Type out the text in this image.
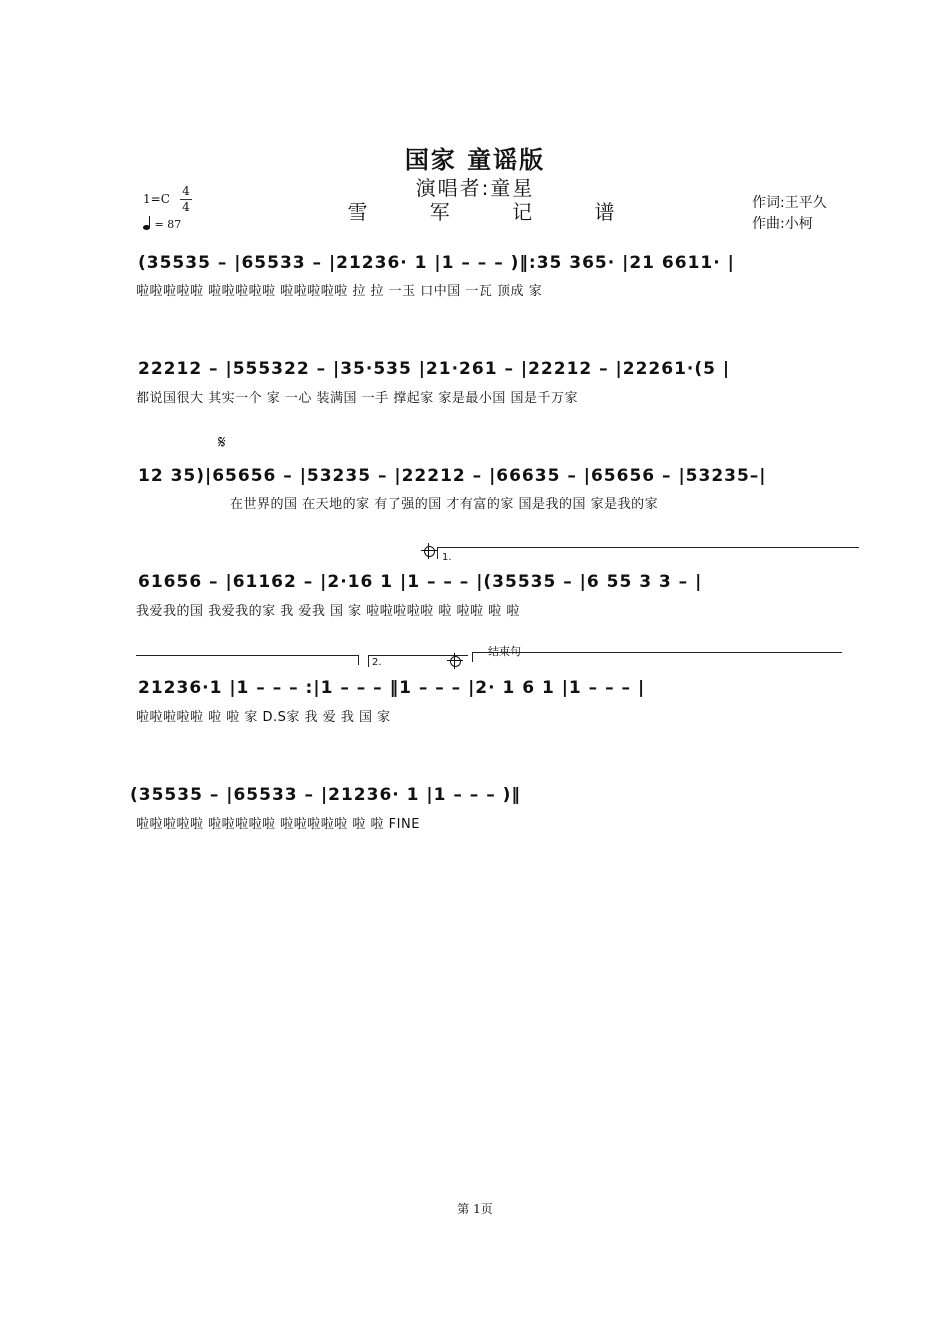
国家 童谣版
演唱者:童星
雪 军 记 谱
1=C
4
4
= 87
作词:王平久
作曲:小柯
(35535 – |65533 – |21236· 1 |1 – – – )‖:35 365· |21 6611· |
啦啦啦啦啦 啦啦啦啦啦 啦啦啦啦啦 拉 拉 一玉 口中国 一瓦 顶成 家
22212 – |555322 – |35·535 |21·261 – |22212 – |22261·(5 |
都说国很大 其实一个 家 一心 装满国 一手 撑起家 家是最小国 国是千万家
𝄋
12 35)|65656 – |53235 – |22212 – |66635 – |65656 – |53235–|
在世界的国 在天地的家 有了强的国 才有富的家 国是我的国 家是我的家
1.
61656 – |61162 – |2·16 1 |1 – – – |(35535 – |6 55 3 3 – |
我爱我的国 我爱我的家 我 爱我 国 家 啦啦啦啦啦 啦 啦啦 啦 啦
2.
结束句
21236·1 |1 – – – :|1 – – – ‖1 – – – |2· 1 6 1 |1 – – – |
啦啦啦啦啦 啦 啦 家 D.S家 我 爱 我 国 家
(35535 – |65533 – |21236· 1 |1 – – – )‖
啦啦啦啦啦 啦啦啦啦啦 啦啦啦啦啦 啦 啦 FINE
第 1页
